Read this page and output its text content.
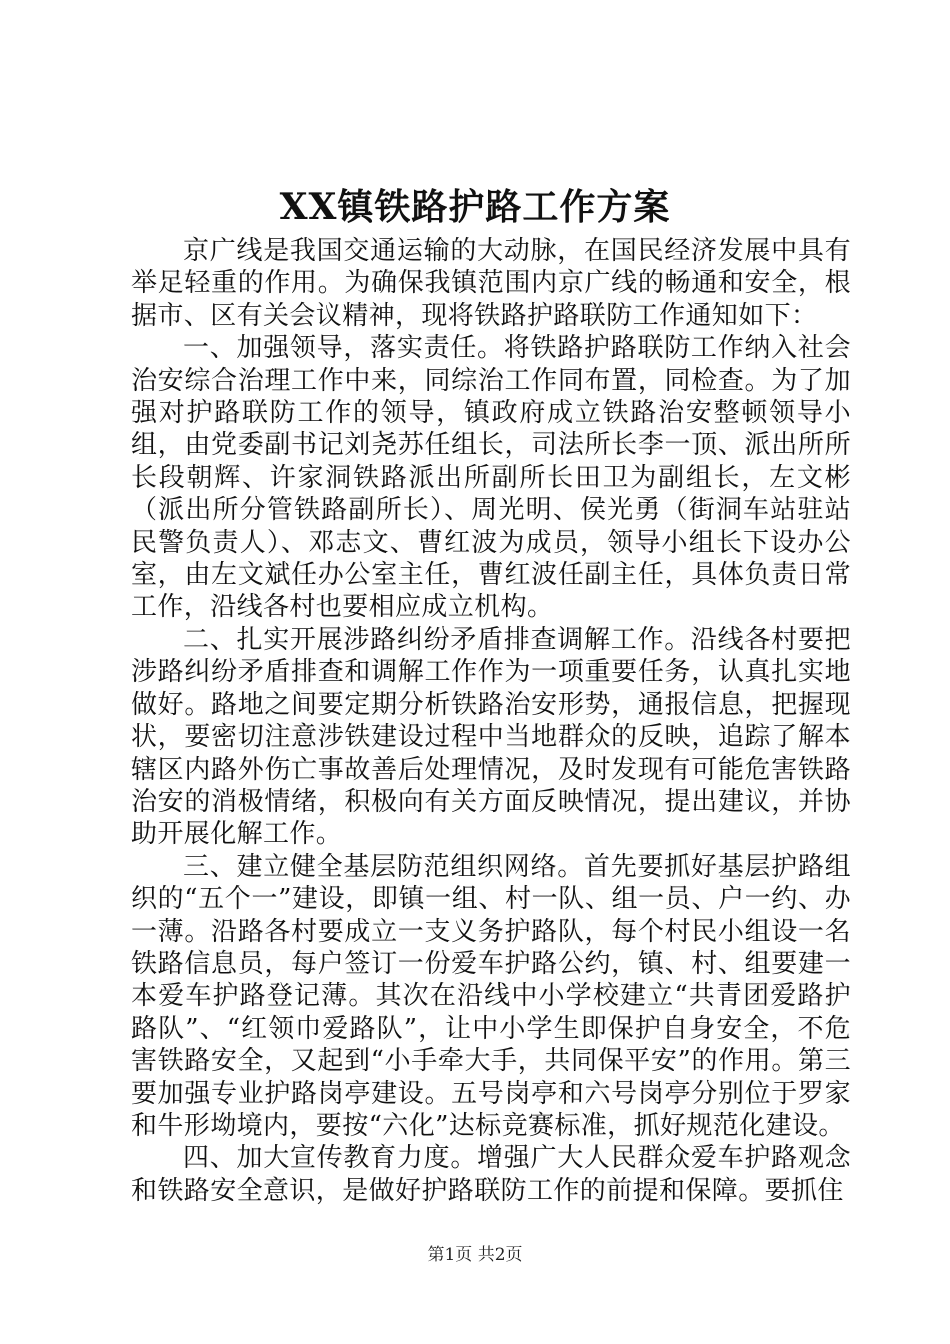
XX镇铁路护路工作方案

京广线是我国交通运输的大动脉，在国民经济发展中具有举足轻重的作用。为确保我镇范围内京广线的畅通和安全，根据市、区有关会议精神，现将铁路护路联防工作通知如下：

一、加强领导，落实责任。将铁路护路联防工作纳入社会治安综合治理工作中来，同综治工作同布置，同检查。为了加强对护路联防工作的领导，镇政府成立铁路治安整顿领导小组，由党委副书记刘尧苏任组长，司法所长李一顶、派出所所长段朝辉、许家洞铁路派出所副所长田卫为副组长，左文彬（派出所分管铁路副所长）、周光明、侯光勇（街洞车站驻站民警负责人）、邓志文、曹红波为成员，领导小组长下设办公室，由左文斌任办公室主任，曹红波任副主任，具体负责日常工作，沿线各村也要相应成立机构。

二、扎实开展涉路纠纷矛盾排查调解工作。沿线各村要把涉路纠纷矛盾排查和调解工作作为一项重要任务，认真扎实地做好。路地之间要定期分析铁路治安形势，通报信息，把握现状，要密切注意涉铁建设过程中当地群众的反映，追踪了解本辖区内路外伤亡事故善后处理情况，及时发现有可能危害铁路治安的消极情绪，积极向有关方面反映情况，提出建议，并协助开展化解工作。

三、建立健全基层防范组织网络。首先要抓好基层护路组织的“五个一”建设，即镇一组、村一队、组一员、户一约、办一薄。沿路各村要成立一支义务护路队，每个村民小组设一名铁路信息员，每户签订一份爱车护路公约，镇、村、组要建一本爱车护路登记薄。其次在沿线中小学校建立“共青团爱路护路队”、“红领巾爱路队”，让中小学生即保护自身安全，不危害铁路安全，又起到“小手牵大手，共同保平安”的作用。第三要加强专业护路岗亭建设。五号岗亭和六号岗亭分别位于罗家和牛形坳境内，要按“六化”达标竞赛标准，抓好规范化建设。

四、加大宣传教育力度。增强广大人民群众爱车护路观念和铁路安全意识，是做好护路联防工作的前提和保障。要抓住

第1页 共2页
